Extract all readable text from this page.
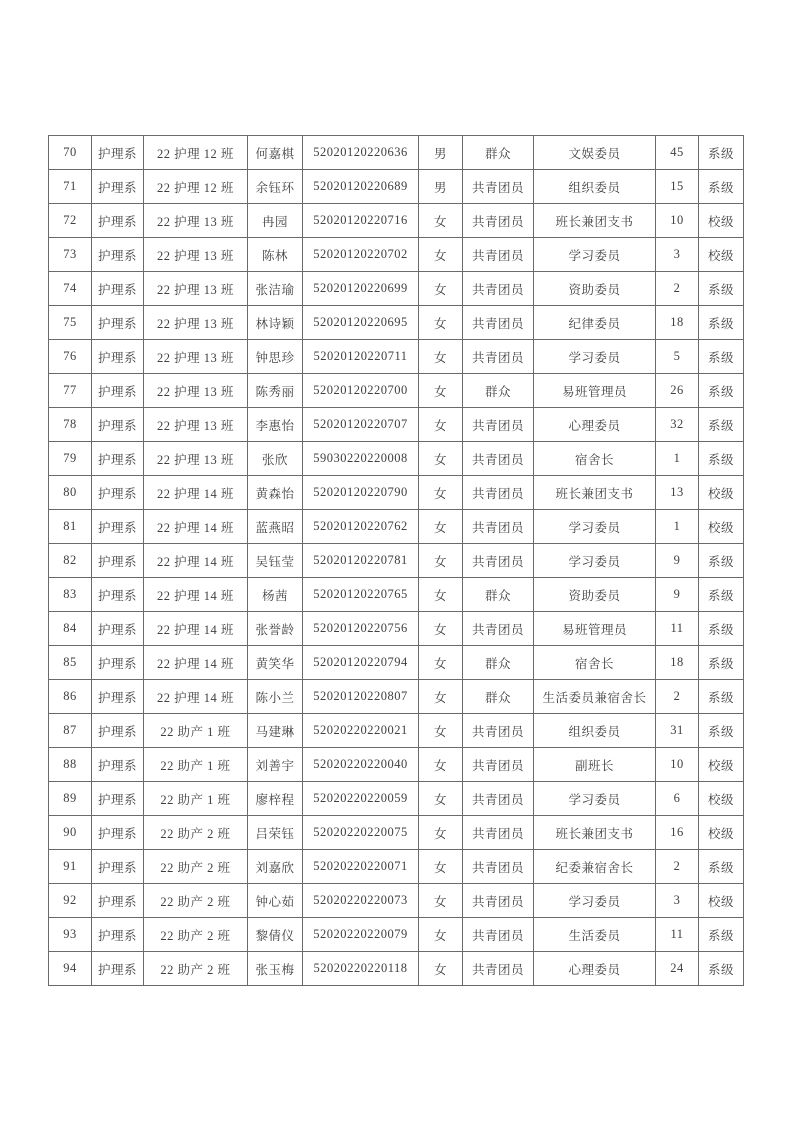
70	护理系	22 护理 12 班	何嘉棋	52020120220636	男	群众	文娱委员	45	系级
71	护理系	22 护理 12 班	余钰环	52020120220689	男	共青团员	组织委员	15	系级
72	护理系	22 护理 13 班	冉园	52020120220716	女	共青团员	班长兼团支书	10	校级
73	护理系	22 护理 13 班	陈林	52020120220702	女	共青团员	学习委员	3	校级
74	护理系	22 护理 13 班	张洁瑜	52020120220699	女	共青团员	资助委员	2	系级
75	护理系	22 护理 13 班	林诗颖	52020120220695	女	共青团员	纪律委员	18	系级
76	护理系	22 护理 13 班	钟思珍	52020120220711	女	共青团员	学习委员	5	系级
77	护理系	22 护理 13 班	陈秀丽	52020120220700	女	群众	易班管理员	26	系级
78	护理系	22 护理 13 班	李惠怡	52020120220707	女	共青团员	心理委员	32	系级
79	护理系	22 护理 13 班	张欣	59030220220008	女	共青团员	宿舍长	1	系级
80	护理系	22 护理 14 班	黄森怡	52020120220790	女	共青团员	班长兼团支书	13	校级
81	护理系	22 护理 14 班	蓝燕昭	52020120220762	女	共青团员	学习委员	1	校级
82	护理系	22 护理 14 班	吴钰莹	52020120220781	女	共青团员	学习委员	9	系级
83	护理系	22 护理 14 班	杨茜	52020120220765	女	群众	资助委员	9	系级
84	护理系	22 护理 14 班	张誉龄	52020120220756	女	共青团员	易班管理员	11	系级
85	护理系	22 护理 14 班	黄笑华	52020120220794	女	群众	宿舍长	18	系级
86	护理系	22 护理 14 班	陈小兰	52020120220807	女	群众	生活委员兼宿舍长	2	系级
87	护理系	22 助产 1 班	马建琳	52020220220021	女	共青团员	组织委员	31	系级
88	护理系	22 助产 1 班	刘善宇	52020220220040	女	共青团员	副班长	10	校级
89	护理系	22 助产 1 班	廖梓程	52020220220059	女	共青团员	学习委员	6	校级
90	护理系	22 助产 2 班	吕荣钰	52020220220075	女	共青团员	班长兼团支书	16	校级
91	护理系	22 助产 2 班	刘嘉欣	52020220220071	女	共青团员	纪委兼宿舍长	2	系级
92	护理系	22 助产 2 班	钟心茹	52020220220073	女	共青团员	学习委员	3	校级
93	护理系	22 助产 2 班	黎倩仪	52020220220079	女	共青团员	生活委员	11	系级
94	护理系	22 助产 2 班	张玉梅	52020220220118	女	共青团员	心理委员	24	系级
